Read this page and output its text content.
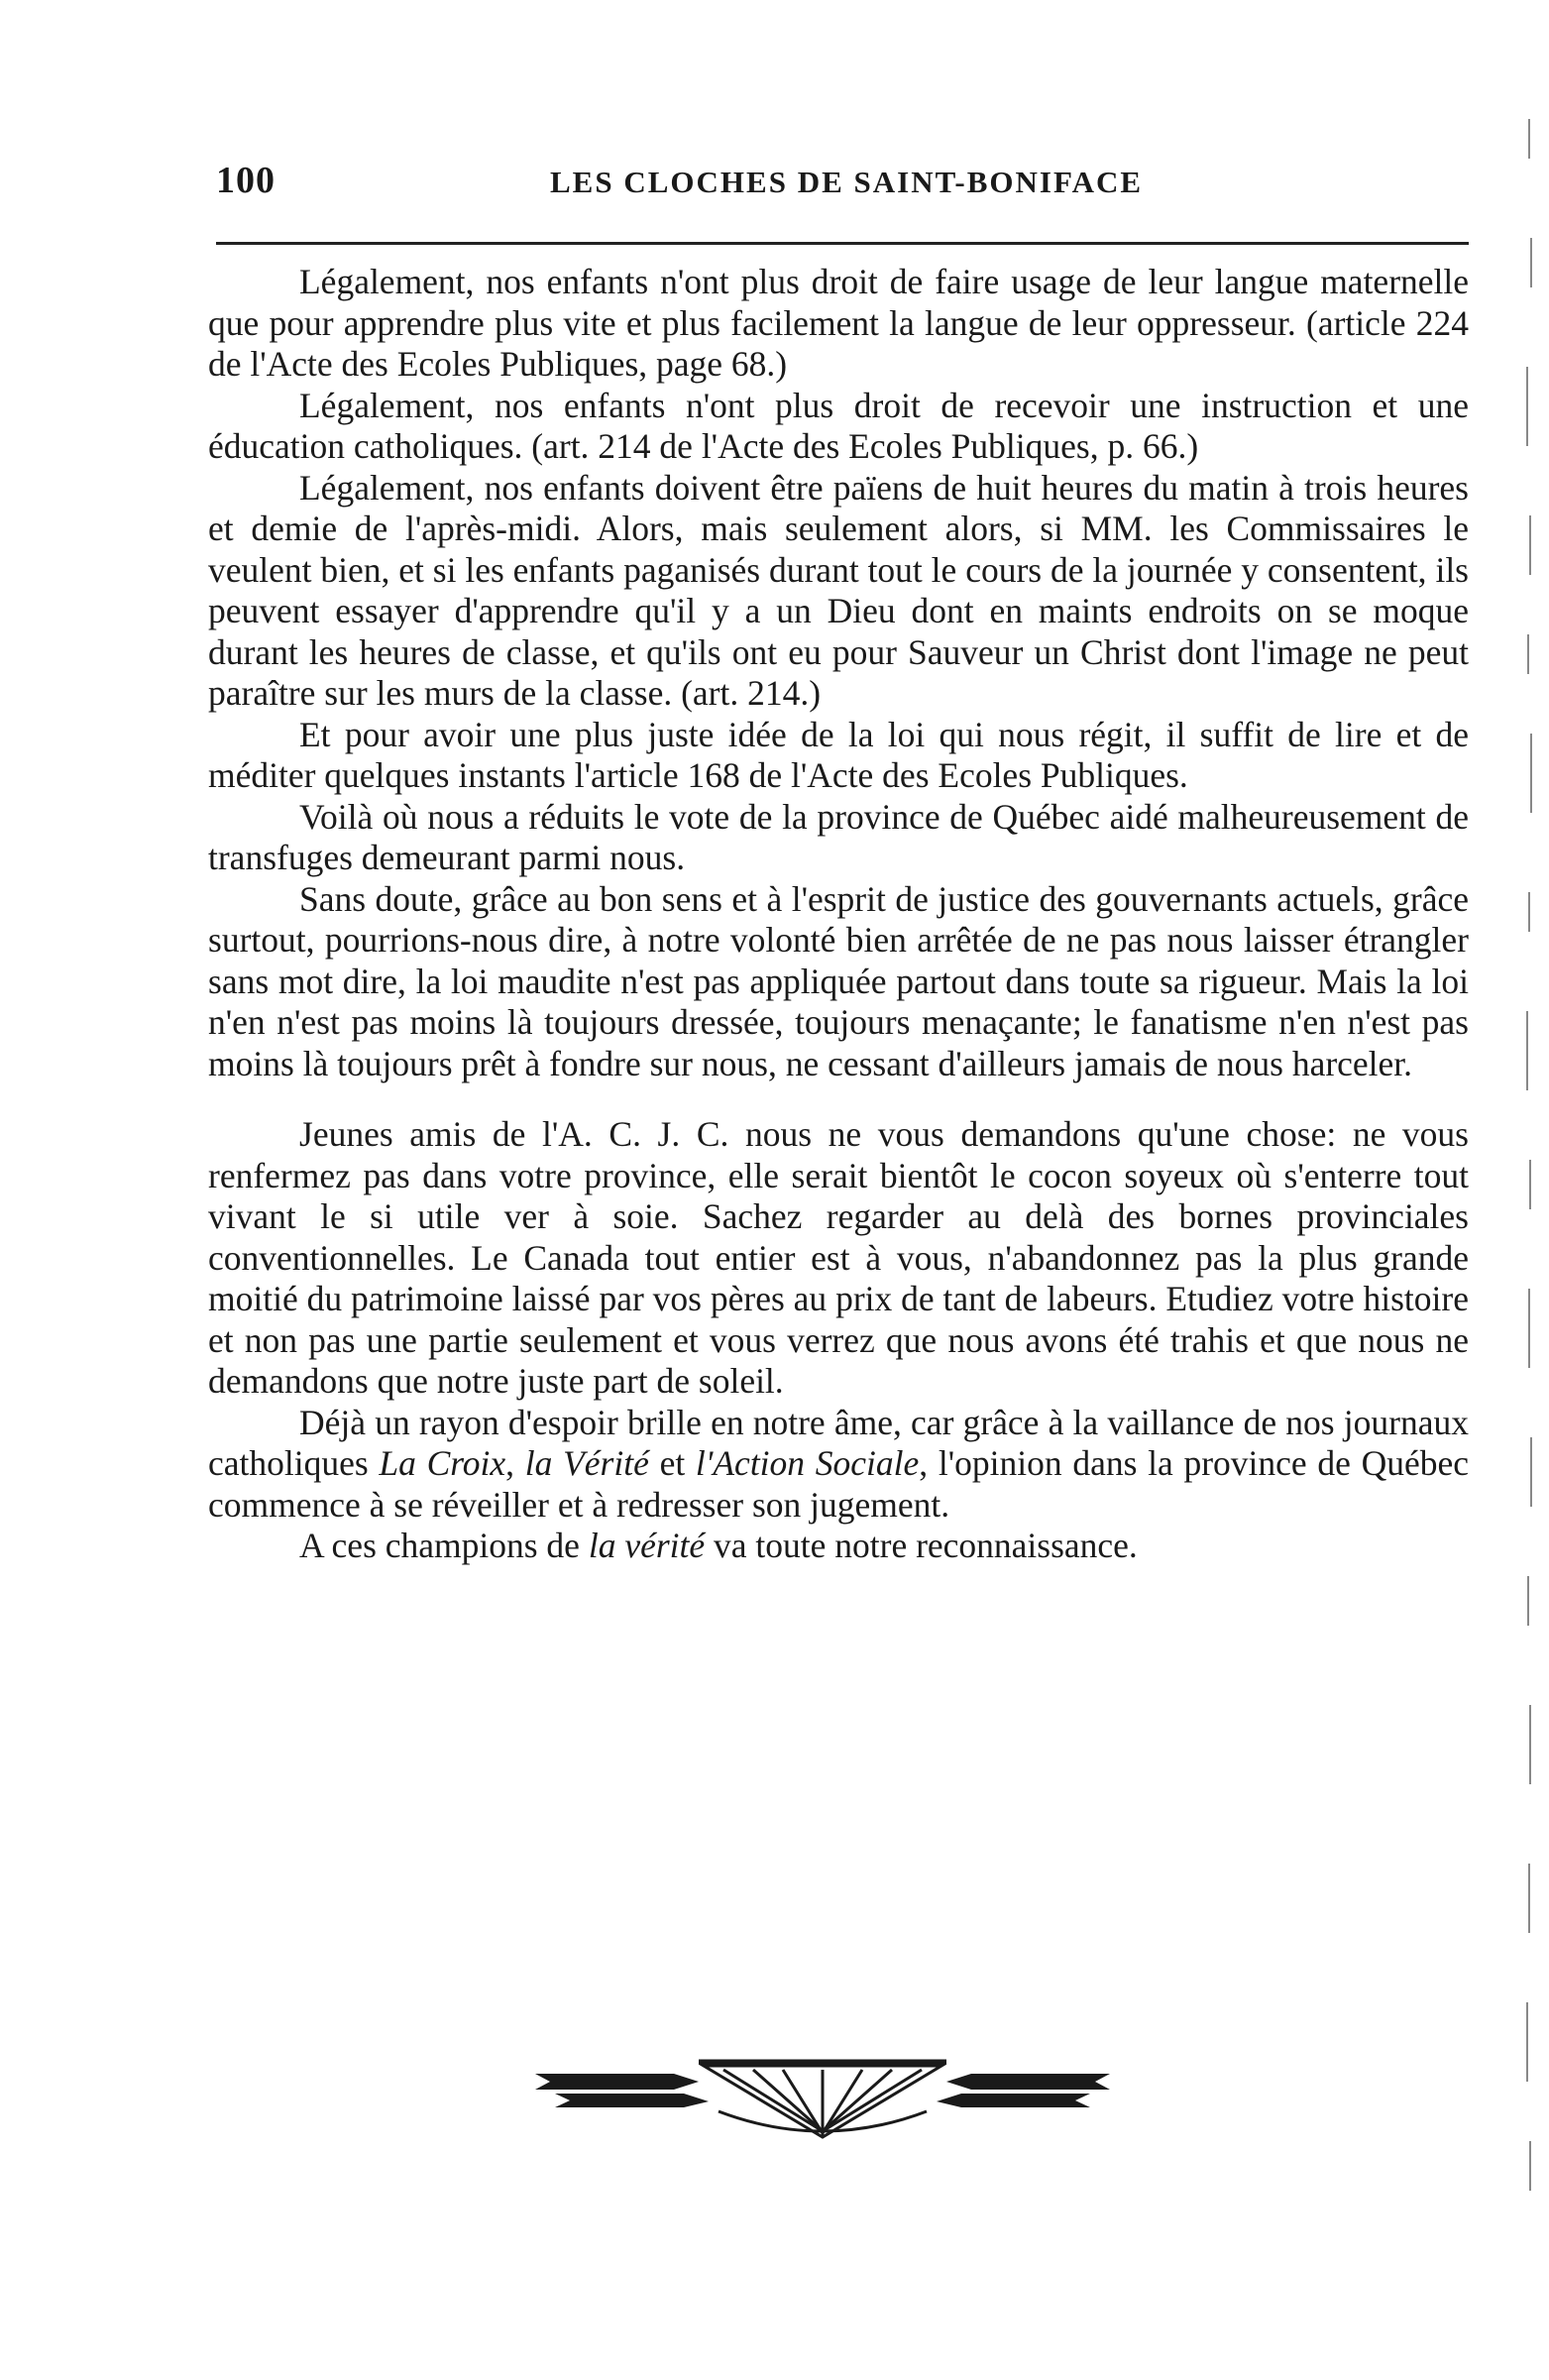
100	LES CLOCHES DE SAINT-BONIFACE

Légalement, nos enfants n'ont plus droit de faire usage de leur langue maternelle que pour apprendre plus vite et plus facilement la langue de leur oppresseur. (article 224 de l'Acte des Ecoles Publiques, page 68.)

Légalement, nos enfants n'ont plus droit de recevoir une instruction et une éducation catholiques. (art. 214 de l'Acte des Ecoles Publiques, p. 66.)

Légalement, nos enfants doivent être païens de huit heures du matin à trois heures et demie de l'après-midi. Alors, mais seulement alors, si MM. les Commissaires le veulent bien, et si les enfants paganisés durant tout le cours de la journée y consentent, ils peuvent essayer d'apprendre qu'il y a un Dieu dont en maints endroits on se moque durant les heures de classe, et qu'ils ont eu pour Sauveur un Christ dont l'image ne peut paraître sur les murs de la classe. (art. 214.)

Et pour avoir une plus juste idée de la loi qui nous régit, il suffit de lire et de méditer quelques instants l'article 168 de l'Acte des Ecoles Publiques.

Voilà où nous a réduits le vote de la province de Québec aidé malheureusement de transfuges demeurant parmi nous.

Sans doute, grâce au bon sens et à l'esprit de justice des gouvernants actuels, grâce surtout, pourrions-nous dire, à notre volonté bien arrêtée de ne pas nous laisser étrangler sans mot dire, la loi maudite n'est pas appliquée partout dans toute sa rigueur. Mais la loi n'en n'est pas moins là toujours dressée, toujours menaçante; le fanatisme n'en n'est pas moins là toujours prêt à fondre sur nous, ne cessant d'ailleurs jamais de nous harceler.

Jeunes amis de l'A. C. J. C. nous ne vous demandons qu'une chose: ne vous renfermez pas dans votre province, elle serait bientôt le cocon soyeux où s'enterre tout vivant le si utile ver à soie. Sachez regarder au delà des bornes provinciales conventionnelles. Le Canada tout entier est à vous, n'abandonnez pas la plus grande moitié du patrimoine laissé par vos pères au prix de tant de labeurs. Etudiez votre histoire et non pas une partie seulement et vous verrez que nous avons été trahis et que nous ne demandons que notre juste part de soleil.

Déjà un rayon d'espoir brille en notre âme, car grâce à la vaillance de nos journaux catholiques La Croix, la Vérité et l'Action Sociale, l'opinion dans la province de Québec commence à se réveiller et à redresser son jugement.

A ces champions de la vérité va toute notre reconnaissance.
